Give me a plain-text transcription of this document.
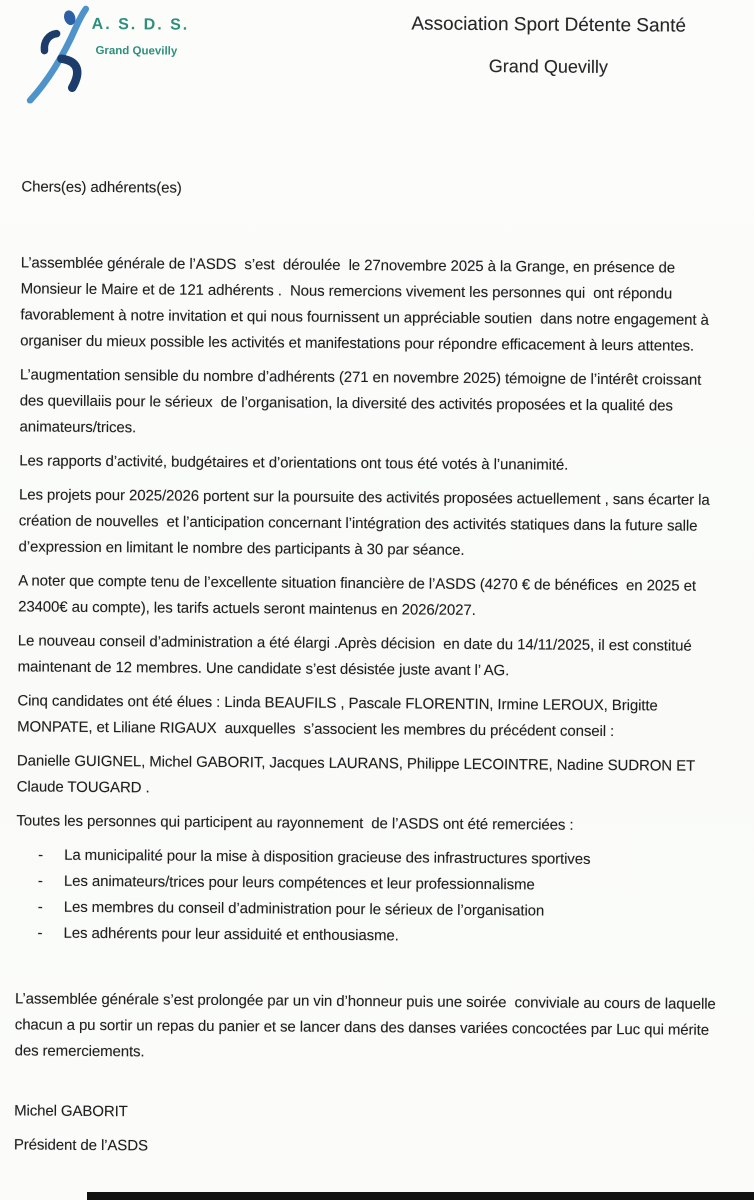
A. S. D. S.
Grand Quevilly
Association Sport Détente Santé
Grand Quevilly

Chers(es) adhérents(es)

L’assemblée générale de l’ASDS  s’est  déroulée  le 27novembre 2025 à la Grange, en présence de Monsieur le Maire et de 121 adhérents .  Nous remercions vivement les personnes qui  ont répondu favorablement à notre invitation et qui nous fournissent un appréciable soutien  dans notre engagement à organiser du mieux possible les activités et manifestations pour répondre efficacement à leurs attentes.

L’augmentation sensible du nombre d’adhérents (271 en novembre 2025) témoigne de l’intérêt croissant des quevillaiis pour le sérieux  de l’organisation, la diversité des activités proposées et la qualité des animateurs/trices.

Les rapports d’activité, budgétaires et d’orientations ont tous été votés à l’unanimité.

Les projets pour 2025/2026 portent sur la poursuite des activités proposées actuellement , sans écarter la création de nouvelles  et l’anticipation concernant l’intégration des activités statiques dans la future salle d’expression en limitant le nombre des participants à 30 par séance.

A noter que compte tenu de l’excellente situation financière de l’ASDS (4270 € de bénéfices  en 2025 et 23400€ au compte), les tarifs actuels seront maintenus en 2026/2027.

Le nouveau conseil d’administration a été élargi .Après décision  en date du 14/11/2025, il est constitué maintenant de 12 membres. Une candidate s’est désistée juste avant l’ AG.

Cinq candidates ont été élues : Linda BEAUFILS , Pascale FLORENTIN, Irmine LEROUX, Brigitte MONPATE, et Liliane RIGAUX  auxquelles  s’associent les membres du précédent conseil :

Danielle GUIGNEL, Michel GABORIT, Jacques LAURANS, Philippe LECOINTRE, Nadine SUDRON ET Claude TOUGARD .

Toutes les personnes qui participent au rayonnement  de l’ASDS ont été remerciées :

-	La municipalité pour la mise à disposition gracieuse des infrastructures sportives
-	Les animateurs/trices pour leurs compétences et leur professionnalisme
-	Les membres du conseil d’administration pour le sérieux de l’organisation
-	Les adhérents pour leur assiduité et enthousiasme.

L’assemblée générale s’est prolongée par un vin d’honneur puis une soirée  conviviale au cours de laquelle chacun a pu sortir un repas du panier et se lancer dans des danses variées concoctées par Luc qui mérite des remerciements.

Michel GABORIT

Président de l’ASDS
